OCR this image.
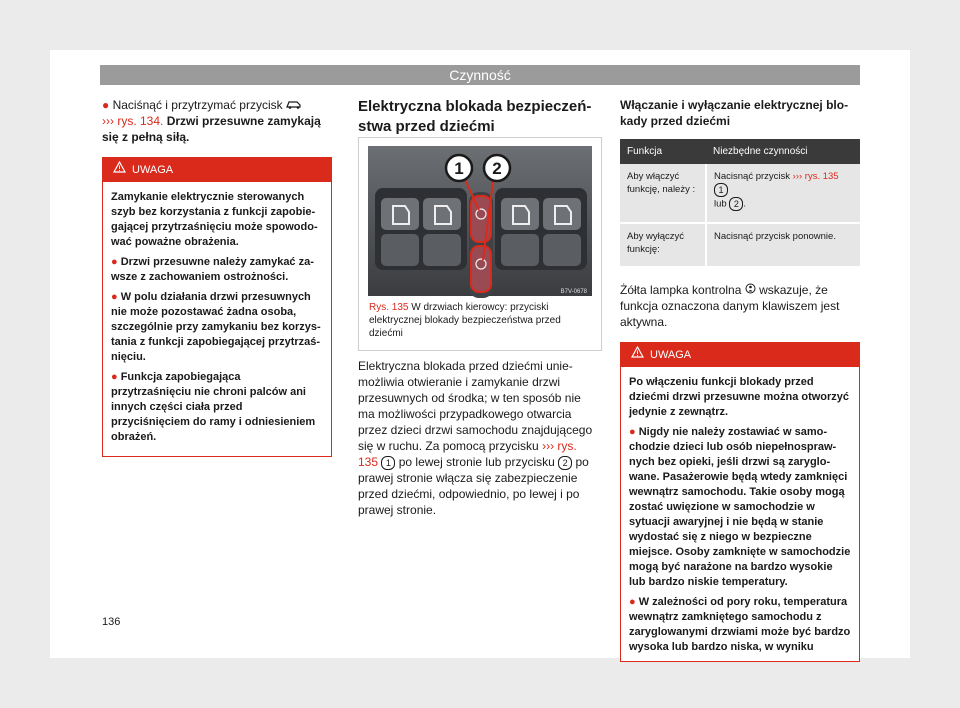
Czynność
● Naciśnąć i przytrzymać przycisk
››› rys. 134. Drzwi przesuwne zamykają się z pełną siłą.
UWAGA

Zamykanie elektrycznie sterowanych szyb bez korzystania z funkcji zapobiegającej przytrzaśnięciu może spowodować poważne obrażenia.

● Drzwi przesuwne należy zamykać zawsze z zachowaniem ostrożności.

● W polu działania drzwi przesuwnych nie może pozostawać żadna osoba, szczególnie przy zamykaniu bez korzystania z funkcji zapobiegającej przytrzaśnięciu.

● Funkcja zapobiegająca przytrzaśnięciu nie chroni palców ani innych części ciała przed przyciśnięciem do ramy i odniesieniem obrażeń.

Elektryczna blokada bezpieczeństwa przed dziećmi
1 2
B7V-0678
Rys. 135 W drzwiach kierowcy: przyciski elektrycznej blokady bezpieczeństwa przed dziećmi
Elektryczna blokada przed dziećmi uniemożliwia otwieranie i zamykanie drzwi przesuwnych od środka; w ten sposób nie ma możliwości przypadkowego otwarcia przez dzieci drzwi samochodu znajdującego się w ruchu. Za pomocą przycisku ››› rys. 135 1 po lewej stronie lub przycisku 2 po prawej stronie włącza się zabezpieczenie przed dziećmi, odpowiednio, po lewej i po prawej stronie.
Włączanie i wyłączanie elektrycznej blokady przed dziećmi
Funkcja	Niezbędne czynności
Aby włączyć funkcję, należy :	Nacisnąć przycisk ››› rys. 135 1
lub 2 .
Aby wyłączyć funkcję:	Nacisnąć przycisk ponownie.
Żółta lampka kontrolna wskazuje, że funkcja oznaczona danym klawiszem jest aktywna.
UWAGA

Po włączeniu funkcji blokady przed dziećmi drzwi przesuwne można otworzyć jedynie z zewnątrz.

● Nigdy nie należy zostawiać w samochodzie dzieci lub osób niepełnosprawnych bez opieki, jeśli drzwi są zaryglowane. Pasażerowie będą wtedy zamknięci wewnątrz samochodu. Takie osoby mogą zostać uwięzione w samochodzie w sytuacji awaryjnej i nie będą w stanie wydostać się z niego w bezpieczne miejsce. Osoby zamknięte w samochodzie mogą być narażone na bardzo wysokie lub bardzo niskie temperatury.

● W zależności od pory roku, temperatura wewnątrz zamkniętego samochodu z zaryglowanymi drzwiami może być bardzo wysoka lub bardzo niska, w wyniku

136
